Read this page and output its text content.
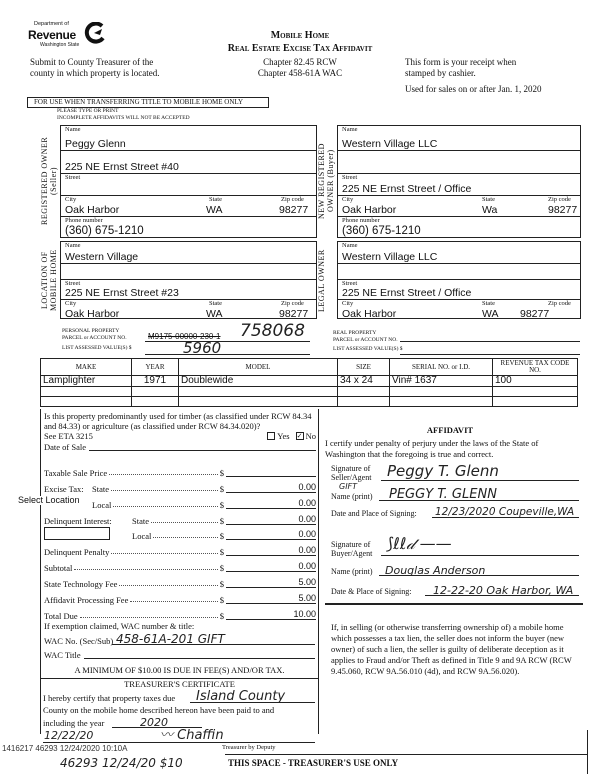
Department of
Revenue
Washington State
Mobile Home
Real Estate Excise Tax Affidavit
Submit to County Treasurer of the
county in which property is located.
Chapter 82.45 RCW
Chapter 458-61A WAC
This form is your receipt when
stamped by cashier.
Used for sales on or after Jan. 1, 2020
FOR USE WHEN TRANSFERRING TITLE TO MOBILE HOME ONLY
PLEASE TYPE OR PRINT
INCOMPLETE AFFIDAVITS WILL NOT BE ACCEPTED
REGISTERED OWNER (Seller)
Name
Peggy Glenn
225 NE Ernst Street #40
Street
City	State	Zip code
Oak Harbor	WA	98277
Phone number
(360) 675-1210
NEW REGISTERED OWNER (Buyer)
Name
Western Village LLC
Street
225 NE Ernst Street / Office
City	State	Zip code
Oak Harbor	Wa	98277
Phone number
(360) 675-1210
LOCATION OF MOBILE HOME
Name
Western Village
Street
225 NE Ernst Street #23
City	State	Zip code
Oak Harbor	WA	98277
LEGAL OWNER
Name
Western Village LLC
Street
225 NE Ernst Street / Office
City	State	Zip code
Oak Harbor	WA 98277
PERSONAL PROPERTY
PARCEL or ACCOUNT NO.	M9175-00000-230-1 758068
LIST ASSESSED VALUE(S) $	5960
REAL PROPERTY
PARCEL or ACCOUNT NO.
LIST ASSESSED VALUE(S) $
MAKE	YEAR	MODEL	SIZE	SERIAL NO. or I.D.	REVENUE TAX CODE NO.
Lamplighter	1971	Doublewide	34 x 24	Vin# 1637	100

Is this property predominantly used for timber (as classified under RCW 84.34 and 84.33) or agriculture (as classified under RCW 84.34.020)?
See ETA 3215	Yes ✓ No
Date of Sale
Taxable Sale Price	$
Excise Tax: State	$	0.00
Local	$	0.00
Delinquent Interest:	State	$	0.00
Local	$	0.00
Delinquent Penalty	$	0.00
Subtotal	$	0.00
State Technology Fee	$	5.00
Affidavit Processing Fee	$	5.00
Total Due	$	10.00
If exemption claimed, WAC number & title:
WAC No. (Sec/Sub) 458-61A-201 GIFT
WAC Title
A MINIMUM OF $10.00 IS DUE IN FEE(S) AND/OR TAX.
Select Location
TREASURER'S CERTIFICATE
I hereby certify that property taxes due Island County
County on the mobile home described hereon have been paid to and
including the year	2020
12/22/20	〰 Chaffin
1416217 46293 12/24/2020 10:10A	Treasurer by Deputy
46293 12/24/20 $10	THIS SPACE - TREASURER'S USE ONLY
AFFIDAVIT
I certify under penalty of perjury under the laws of the State of Washington that the foregoing is true and correct.
Signature of Seller/Agent	Peggy T. Glenn
GIFT
Name (print) PEGGY T. GLENN
Date and Place of Signing: 12/23/2020 Coupeville,WA
Signature of Buyer/Agent
⟆ℓℓ𝒹 ——
Name (print) Douglas Anderson
Date & Place of Signing: 12-22-20 Oak Harbor, WA
If, in selling (or otherwise transferring ownership of) a mobile home which possesses a tax lien, the seller does not inform the buyer (new owner) of such a lien, the seller is guilty of deliberate deception as it applies to Fraud and/or Theft as defined in Title 9 and 9A RCW (RCW 9.45.060, RCW 9A.56.010 (4d), and RCW 9A.56.020).
